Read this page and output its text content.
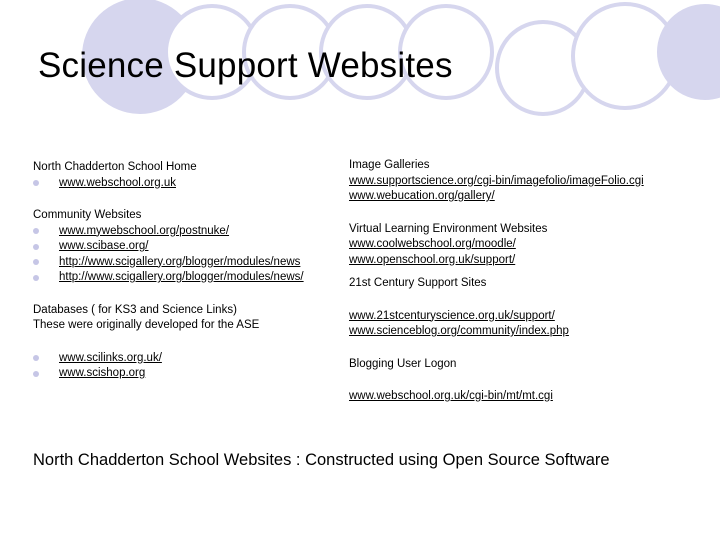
Science Support Websites
North Chadderton School Home
www.webschool.org.uk
Community Websites
www.mywebschool.org/postnuke/
www.scibase.org/
http://www.scigallery.org/blogger/modules/news
http://www.scigallery.org/blogger/modules/news/
Databases ( for KS3 and Science Links)
These were originally developed for the ASE
www.scilinks.org.uk/
www.scishop.org
Image Galleries
www.supportscience.org/cgi-bin/imagefolio/imageFolio.cgi
www.webucation.org/gallery/
Virtual Learning Environment Websites
www.coolwebschool.org/moodle/
www.openschool.org.uk/support/
21st Century Support Sites
www.21stcenturyscience.org.uk/support/
www.scienceblog.org/community/index.php
Blogging User Logon
www.webschool.org.uk/cgi-bin/mt/mt.cgi
North Chadderton School Websites : Constructed using Open Source Software
